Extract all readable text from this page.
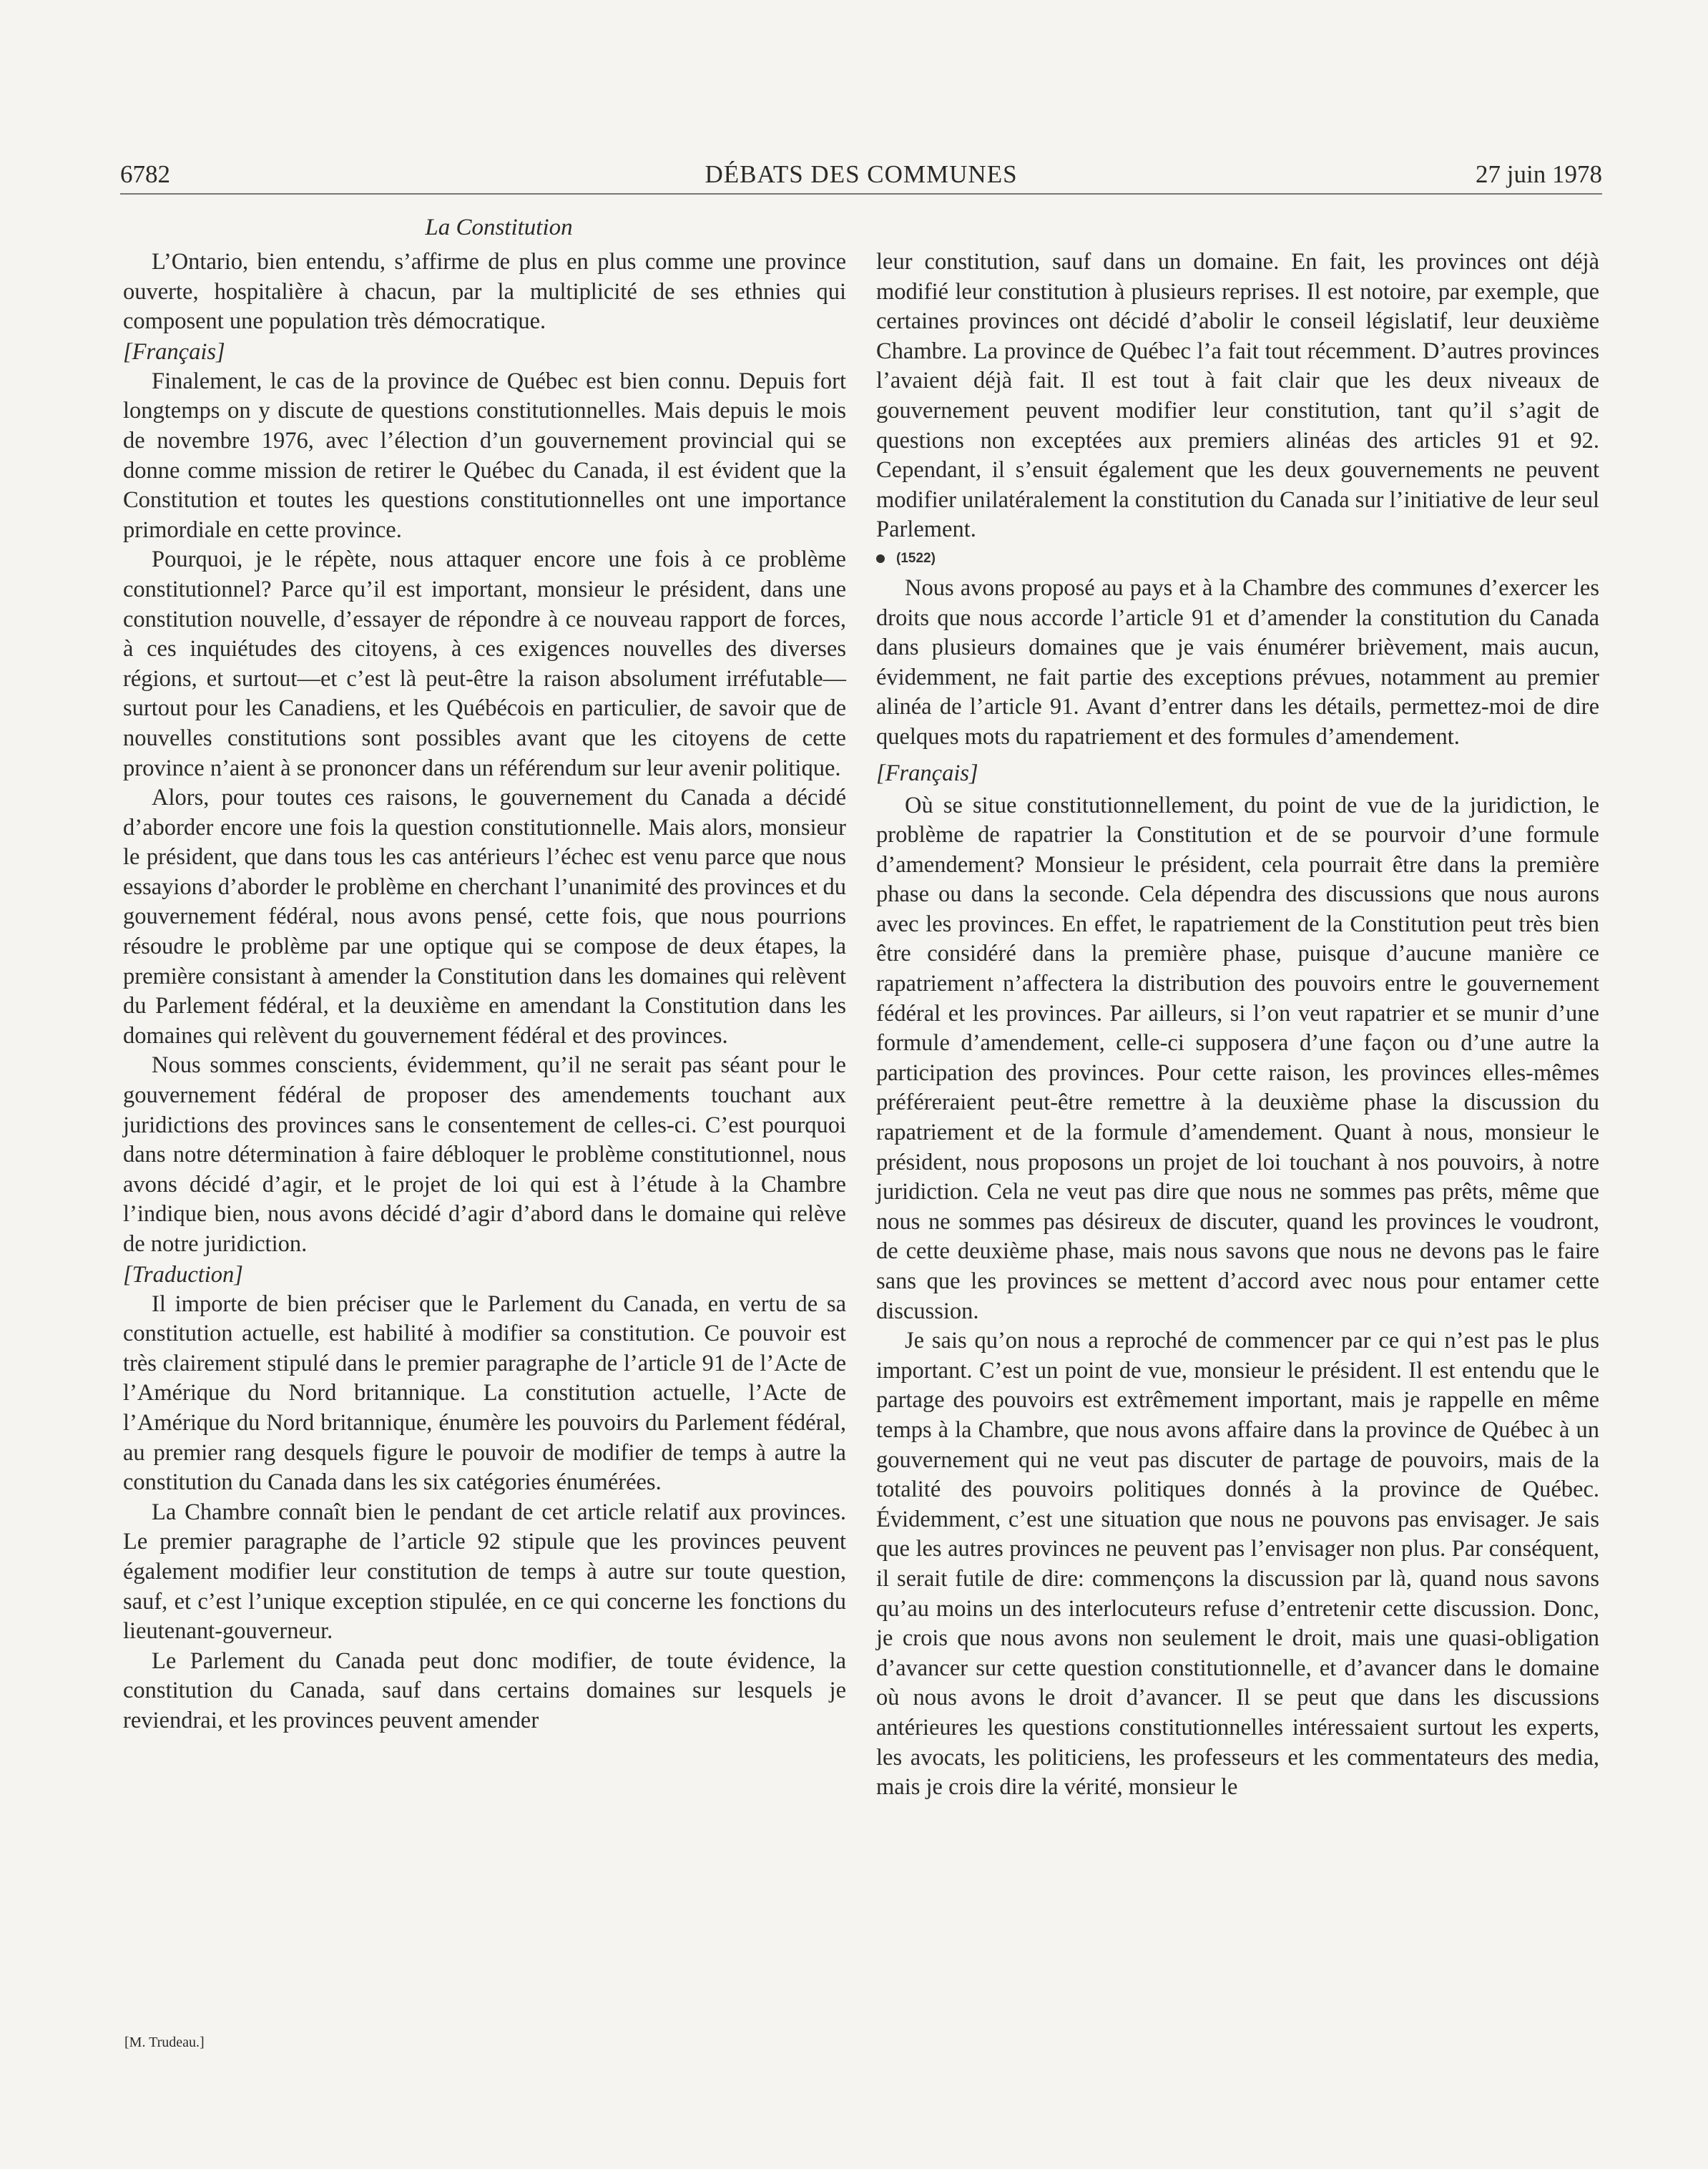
6782	DÉBATS DES COMMUNES	27 juin 1978

La Constitution

L’Ontario, bien entendu, s’affirme de plus en plus comme une province ouverte, hospitalière à chacun, par la multiplicité de ses ethnies qui composent une population très démocratique.

[Français]

Finalement, le cas de la province de Québec est bien connu. Depuis fort longtemps on y discute de questions constitutionnelles. Mais depuis le mois de novembre 1976, avec l’élection d’un gouvernement provincial qui se donne comme mission de retirer le Québec du Canada, il est évident que la Constitution et toutes les questions constitutionnelles ont une importance primordiale en cette province.

Pourquoi, je le répète, nous attaquer encore une fois à ce problème constitutionnel? Parce qu’il est important, monsieur le président, dans une constitution nouvelle, d’essayer de répondre à ce nouveau rapport de forces, à ces inquiétudes des citoyens, à ces exigences nouvelles des diverses régions, et surtout—et c’est là peut-être la raison absolument irréfutable—surtout pour les Canadiens, et les Québécois en particulier, de savoir que de nouvelles constitutions sont possibles avant que les citoyens de cette province n’aient à se prononcer dans un référendum sur leur avenir politique.

Alors, pour toutes ces raisons, le gouvernement du Canada a décidé d’aborder encore une fois la question constitutionnelle. Mais alors, monsieur le président, que dans tous les cas antérieurs l’échec est venu parce que nous essayions d’aborder le problème en cherchant l’unanimité des provinces et du gouvernement fédéral, nous avons pensé, cette fois, que nous pourrions résoudre le problème par une optique qui se compose de deux étapes, la première consistant à amender la Constitution dans les domaines qui relèvent du Parlement fédéral, et la deuxième en amendant la Constitution dans les domaines qui relèvent du gouvernement fédéral et des provinces.

Nous sommes conscients, évidemment, qu’il ne serait pas séant pour le gouvernement fédéral de proposer des amendements touchant aux juridictions des provinces sans le consentement de celles-ci. C’est pourquoi dans notre détermination à faire débloquer le problème constitutionnel, nous avons décidé d’agir, et le projet de loi qui est à l’étude à la Chambre l’indique bien, nous avons décidé d’agir d’abord dans le domaine qui relève de notre juridiction.

[Traduction]

Il importe de bien préciser que le Parlement du Canada, en vertu de sa constitution actuelle, est habilité à modifier sa constitution. Ce pouvoir est très clairement stipulé dans le premier paragraphe de l’article 91 de l’Acte de l’Amérique du Nord britannique. La constitution actuelle, l’Acte de l’Amérique du Nord britannique, énumère les pouvoirs du Parlement fédéral, au premier rang desquels figure le pouvoir de modifier de temps à autre la constitution du Canada dans les six catégories énumérées.

La Chambre connaît bien le pendant de cet article relatif aux provinces. Le premier paragraphe de l’article 92 stipule que les provinces peuvent également modifier leur constitution de temps à autre sur toute question, sauf, et c’est l’unique exception stipulée, en ce qui concerne les fonctions du lieutenant-gouverneur.

Le Parlement du Canada peut donc modifier, de toute évidence, la constitution du Canada, sauf dans certains domaines sur lesquels je reviendrai, et les provinces peuvent amender

[M. Trudeau.]

leur constitution, sauf dans un domaine. En fait, les provinces ont déjà modifié leur constitution à plusieurs reprises. Il est notoire, par exemple, que certaines provinces ont décidé d’abolir le conseil législatif, leur deuxième Chambre. La province de Québec l’a fait tout récemment. D’autres provinces l’avaient déjà fait. Il est tout à fait clair que les deux niveaux de gouvernement peuvent modifier leur constitution, tant qu’il s’agit de questions non exceptées aux premiers alinéas des articles 91 et 92. Cependant, il s’ensuit également que les deux gouvernements ne peuvent modifier unilatéralement la constitution du Canada sur l’initiative de leur seul Parlement.

(1522)

Nous avons proposé au pays et à la Chambre des communes d’exercer les droits que nous accorde l’article 91 et d’amender la constitution du Canada dans plusieurs domaines que je vais énumérer brièvement, mais aucun, évidemment, ne fait partie des exceptions prévues, notamment au premier alinéa de l’article 91. Avant d’entrer dans les détails, permettez-moi de dire quelques mots du rapatriement et des formules d’amendement.

[Français]

Où se situe constitutionnellement, du point de vue de la juridiction, le problème de rapatrier la Constitution et de se pourvoir d’une formule d’amendement? Monsieur le président, cela pourrait être dans la première phase ou dans la seconde. Cela dépendra des discussions que nous aurons avec les provinces. En effet, le rapatriement de la Constitution peut très bien être considéré dans la première phase, puisque d’aucune manière ce rapatriement n’affectera la distribution des pouvoirs entre le gouvernement fédéral et les provinces. Par ailleurs, si l’on veut rapatrier et se munir d’une formule d’amendement, celle-ci supposera d’une façon ou d’une autre la participation des provinces. Pour cette raison, les provinces elles-mêmes préféreraient peut-être remettre à la deuxième phase la discussion du rapatriement et de la formule d’amendement. Quant à nous, monsieur le président, nous proposons un projet de loi touchant à nos pouvoirs, à notre juridiction. Cela ne veut pas dire que nous ne sommes pas prêts, même que nous ne sommes pas désireux de discuter, quand les provinces le voudront, de cette deuxième phase, mais nous savons que nous ne devons pas le faire sans que les provinces se mettent d’accord avec nous pour entamer cette discussion.

Je sais qu’on nous a reproché de commencer par ce qui n’est pas le plus important. C’est un point de vue, monsieur le président. Il est entendu que le partage des pouvoirs est extrêmement important, mais je rappelle en même temps à la Chambre, que nous avons affaire dans la province de Québec à un gouvernement qui ne veut pas discuter de partage de pouvoirs, mais de la totalité des pouvoirs politiques donnés à la province de Québec. Évidemment, c’est une situation que nous ne pouvons pas envisager. Je sais que les autres provinces ne peuvent pas l’envisager non plus. Par conséquent, il serait futile de dire: commençons la discussion par là, quand nous savons qu’au moins un des interlocuteurs refuse d’entretenir cette discussion. Donc, je crois que nous avons non seulement le droit, mais une quasi-obligation d’avancer sur cette question constitutionnelle, et d’avancer dans le domaine où nous avons le droit d’avancer. Il se peut que dans les discussions antérieures les questions constitutionnelles intéressaient surtout les experts, les avocats, les politiciens, les professeurs et les commentateurs des media, mais je crois dire la vérité, monsieur le
